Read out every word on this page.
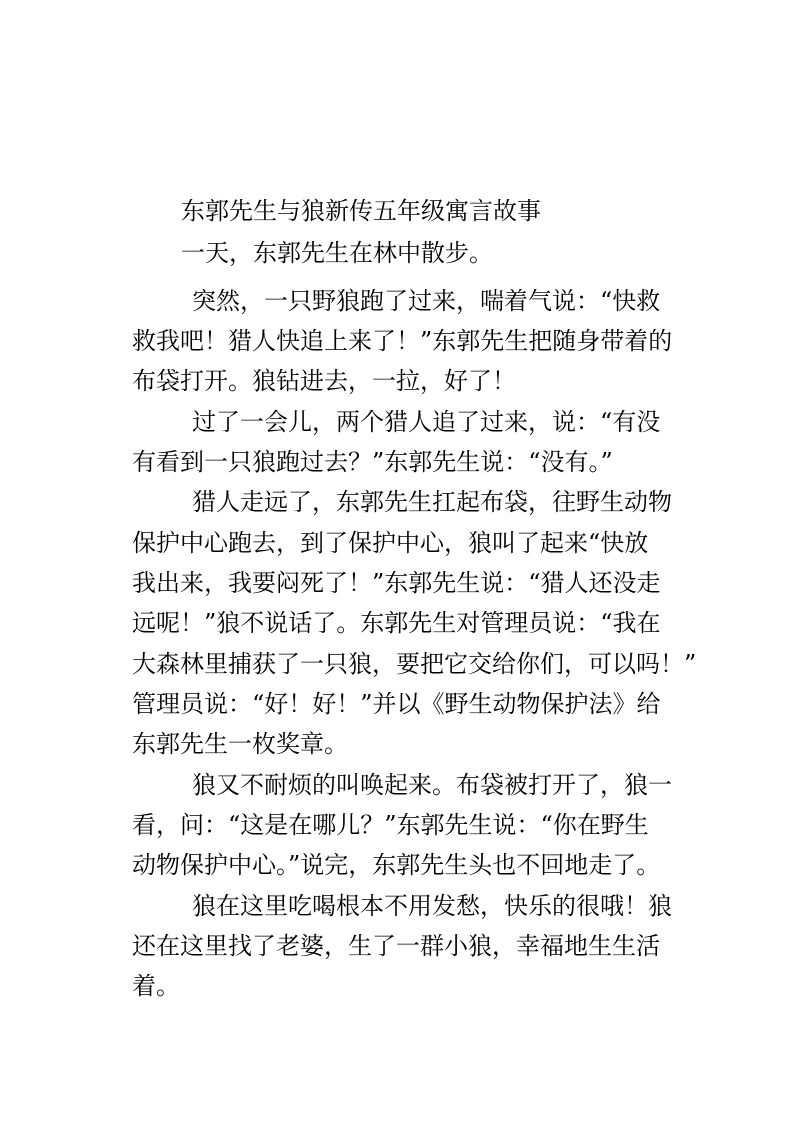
东郭先生与狼新传五年级寓言故事
一天，东郭先生在林中散步。
突然，一只野狼跑了过来，喘着气说：“快救
救我吧！猎人快追上来了！”东郭先生把随身带着的
布袋打开。狼钻进去，一拉，好了！
过了一会儿，两个猎人追了过来，说：“有没
有看到一只狼跑过去？”东郭先生说：“没有。”
猎人走远了，东郭先生扛起布袋，往野生动物
保护中心跑去，到了保护中心，狼叫了起来“快放
我出来，我要闷死了！”东郭先生说：“猎人还没走
远呢！”狼不说话了。东郭先生对管理员说：“我在
大森林里捕获了一只狼，要把它交给你们，可以吗！”
管理员说：“好！好！”并以《野生动物保护法》给
东郭先生一枚奖章。
狼又不耐烦的叫唤起来。布袋被打开了，狼一
看，问：“这是在哪儿？”东郭先生说：“你在野生
动物保护中心。”说完，东郭先生头也不回地走了。
狼在这里吃喝根本不用发愁，快乐的很哦！狼
还在这里找了老婆，生了一群小狼，幸福地生生活
着。
